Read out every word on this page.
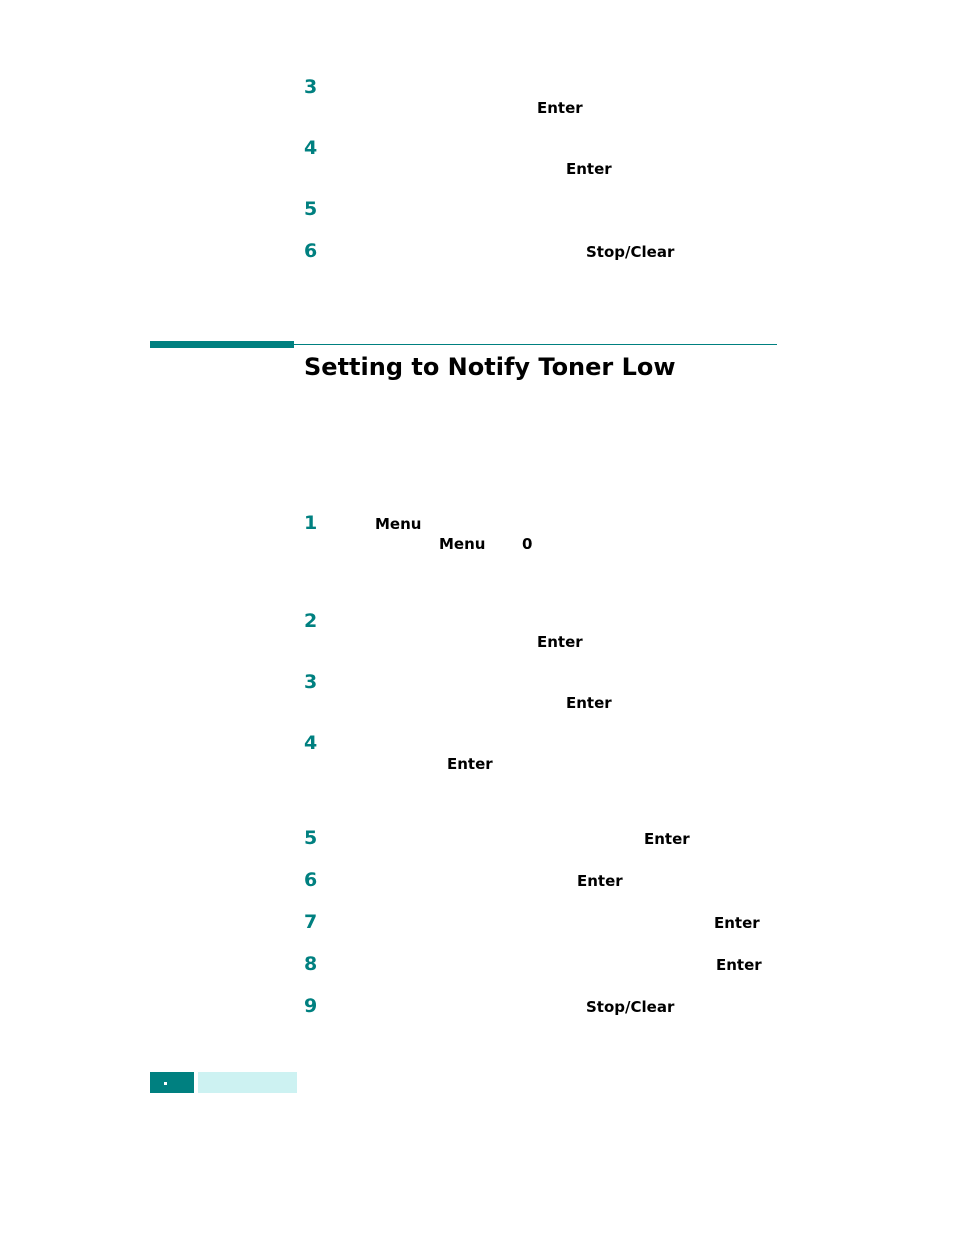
3
Enter
4
Enter
5
6	Stop/Clear
Setting to Notify Toner Low
1	Menu
Menu 0
2
Enter
3
Enter
4
Enter
5	Enter
6	Enter
7	Enter
8	Enter
9	Stop/Clear
